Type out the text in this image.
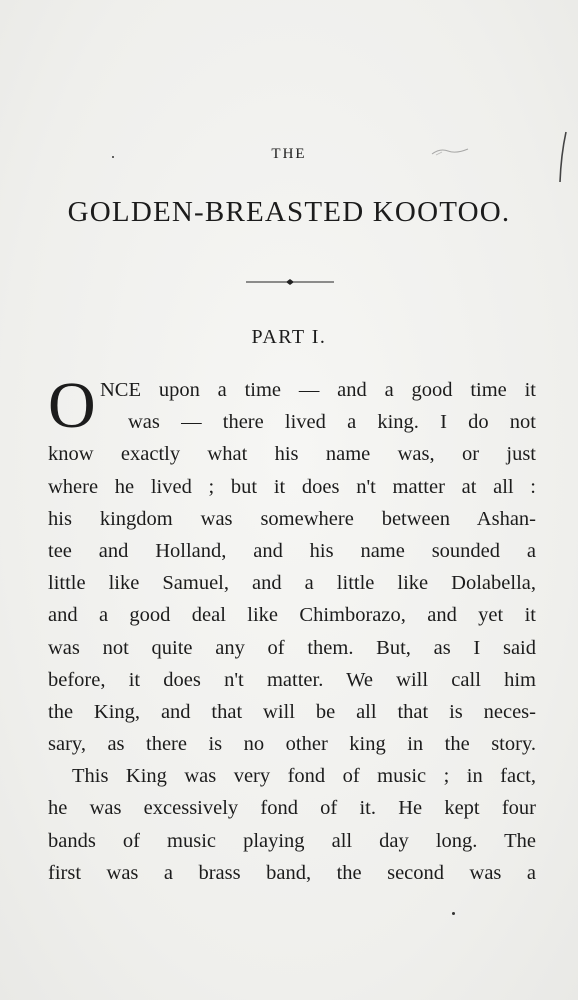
THE
GOLDEN-BREASTED KOOTOO.
PART I.
O NCE upon a time — and a good time it
was — there lived a king. I do not
know exactly what his name was, or just
where he lived ; but it does n't matter at all :
his kingdom was somewhere between Ashan-
tee and Holland, and his name sounded a
little like Samuel, and a little like Dolabella,
and a good deal like Chimborazo, and yet it
was not quite any of them. But, as I said
before, it does n't matter. We will call him
the King, and that will be all that is neces-
sary, as there is no other king in the story.
This King was very fond of music ; in fact,
he was excessively fond of it. He kept four
bands of music playing all day long. The
first was a brass band, the second was a
